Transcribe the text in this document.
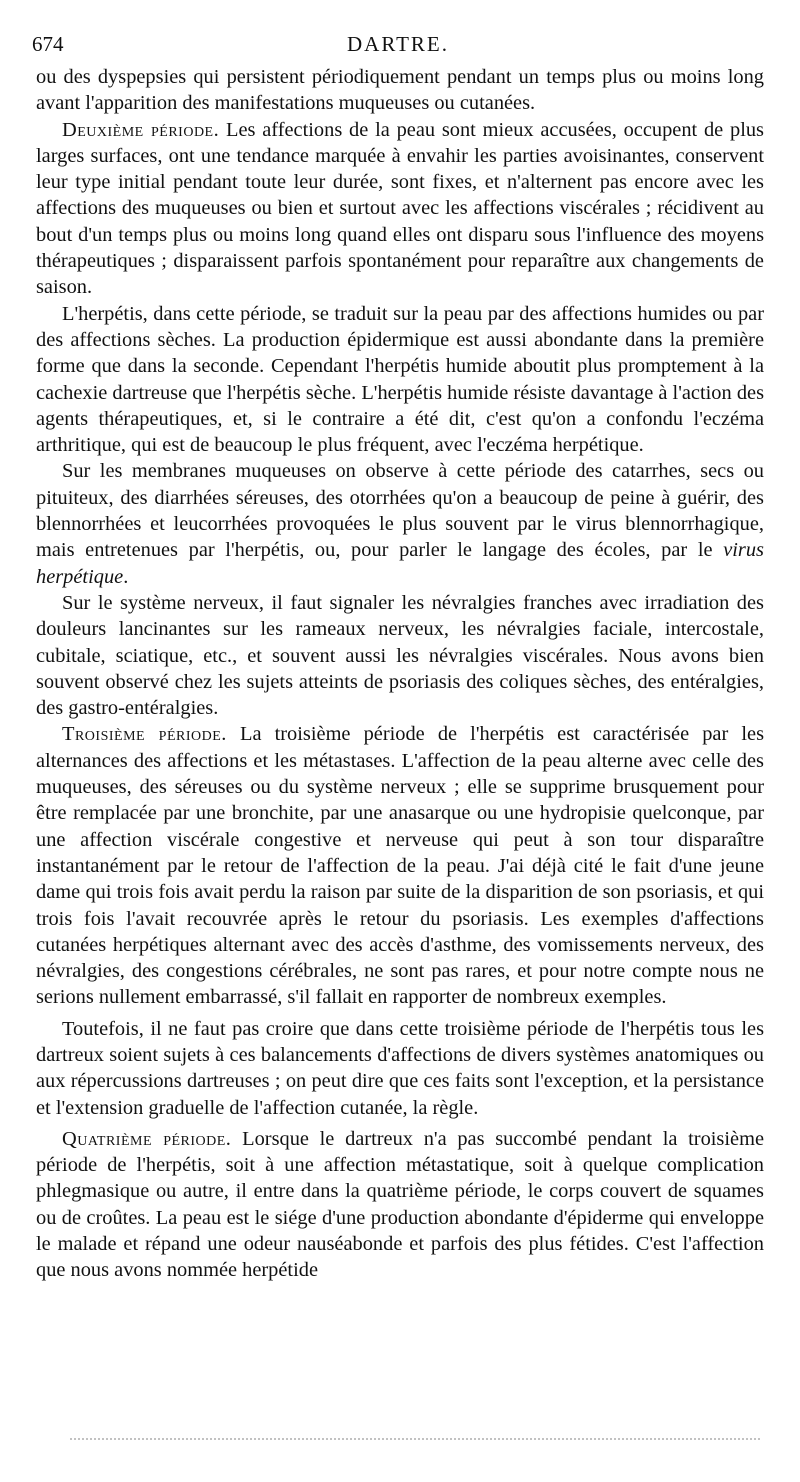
674	DARTRE.

ou des dyspepsies qui persistent périodiquement pendant un temps plus ou moins long avant l'apparition des manifestations muqueuses ou cutanées.

Deuxième période. Les affections de la peau sont mieux accusées, occupent de plus larges surfaces, ont une tendance marquée à envahir les parties avoisinantes, conservent leur type initial pendant toute leur durée, sont fixes, et n'alternent pas encore avec les affections des muqueuses ou bien et surtout avec les affections viscérales ; récidivent au bout d'un temps plus ou moins long quand elles ont disparu sous l'influence des moyens thérapeutiques ; disparaissent parfois spontanément pour reparaître aux changements de saison.

L'herpétis, dans cette période, se traduit sur la peau par des affections humides ou par des affections sèches. La production épidermique est aussi abondante dans la première forme que dans la seconde. Cependant l'herpétis humide aboutit plus promptement à la cachexie dartreuse que l'herpétis sèche. L'herpétis humide résiste davantage à l'action des agents thérapeutiques, et, si le contraire a été dit, c'est qu'on a confondu l'eczéma arthritique, qui est de beaucoup le plus fréquent, avec l'eczéma herpétique.

Sur les membranes muqueuses on observe à cette période des catarrhes, secs ou pituiteux, des diarrhées séreuses, des otorrhées qu'on a beaucoup de peine à guérir, des blennorrhées et leucorrhées provoquées le plus souvent par le virus blennorrhagique, mais entretenues par l'herpétis, ou, pour parler le langage des écoles, par le virus herpétique.

Sur le système nerveux, il faut signaler les névralgies franches avec irradiation des douleurs lancinantes sur les rameaux nerveux, les névralgies faciale, intercostale, cubitale, sciatique, etc., et souvent aussi les névralgies viscérales. Nous avons bien souvent observé chez les sujets atteints de psoriasis des coliques sèches, des entéralgies, des gastro-entéralgies.

Troisième période. La troisième période de l'herpétis est caractérisée par les alternances des affections et les métastases. L'affection de la peau alterne avec celle des muqueuses, des séreuses ou du système nerveux ; elle se supprime brusquement pour être remplacée par une bronchite, par une anasarque ou une hydropisie quelconque, par une affection viscérale congestive et nerveuse qui peut à son tour disparaître instantanément par le retour de l'affection de la peau. J'ai déjà cité le fait d'une jeune dame qui trois fois avait perdu la raison par suite de la disparition de son psoriasis, et qui trois fois l'avait recouvrée après le retour du psoriasis. Les exemples d'affections cutanées herpétiques alternant avec des accès d'asthme, des vomissements nerveux, des névralgies, des congestions cérébrales, ne sont pas rares, et pour notre compte nous ne serions nullement embarrassé, s'il fallait en rapporter de nombreux exemples.

Toutefois, il ne faut pas croire que dans cette troisième période de l'herpétis tous les dartreux soient sujets à ces balancements d'affections de divers systèmes anatomiques ou aux répercussions dartreuses ; on peut dire que ces faits sont l'exception, et la persistance et l'extension graduelle de l'affection cutanée, la règle.

Quatrième période. Lorsque le dartreux n'a pas succombé pendant la troisième période de l'herpétis, soit à une affection métastatique, soit à quelque complication phlegmasique ou autre, il entre dans la quatrième période, le corps couvert de squames ou de croûtes. La peau est le siége d'une production abondante d'épiderme qui enveloppe le malade et répand une odeur nauséabonde et parfois des plus fétides. C'est l'affection que nous avons nommée herpétide
